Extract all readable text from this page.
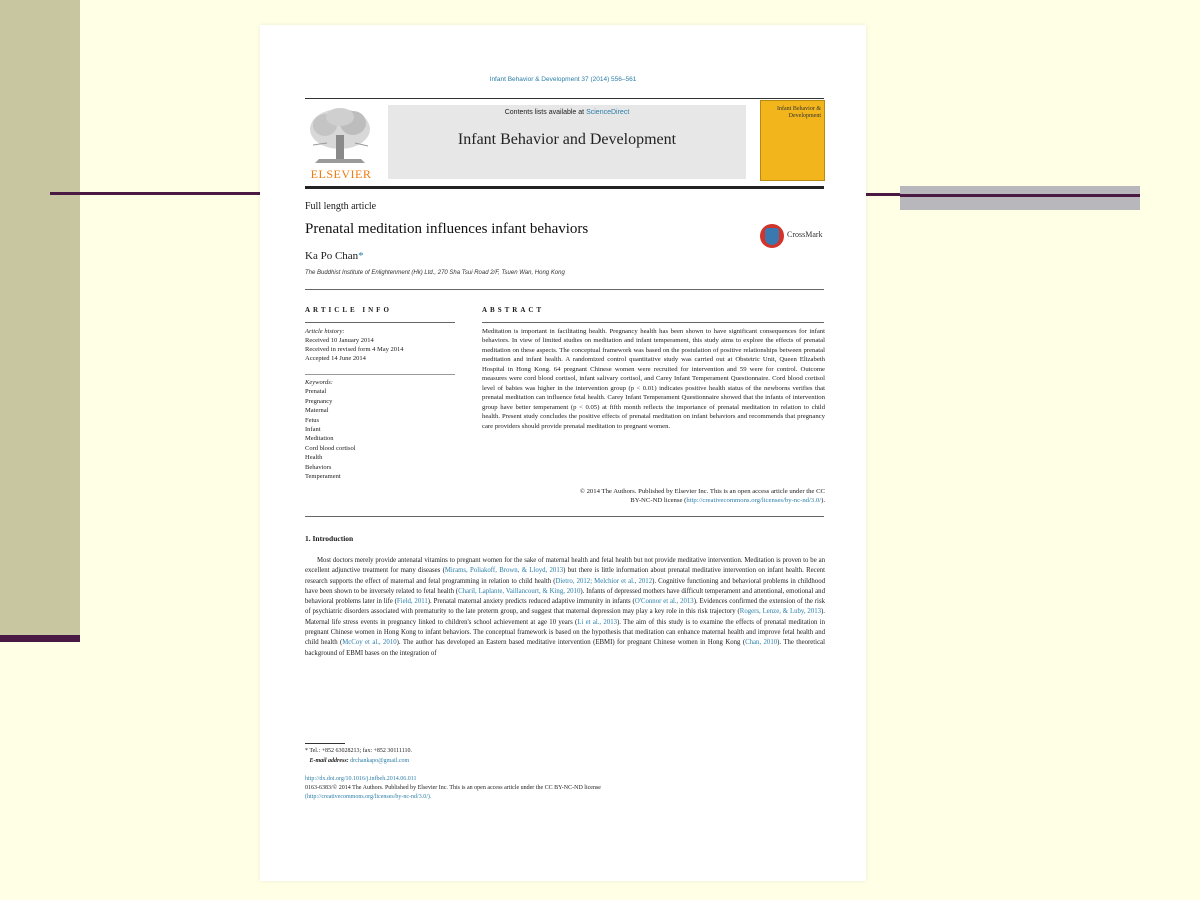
Infant Behavior & Development 37 (2014) 556–561
ELSEVIER
Contents lists available at ScienceDirect
Infant Behavior and Development
Infant Behavior & Development
Full length article
Prenatal meditation influences infant behaviors	CrossMark
Ka Po Chan*
The Buddhist Institute of Enlightenment (Hk) Ltd., 270 Sha Tsui Road 2/F, Tsuen Wan, Hong Kong
ARTICLE INFO	ABSTRACT
Article history:
Received 10 January 2014
Received in revised form 4 May 2014
Accepted 14 June 2014
Keywords:
Prenatal
Pregnancy
Maternal
Fetus
Infant
Meditation
Cord blood cortisol
Health
Behaviors
Temperament
Meditation is important in facilitating health. Pregnancy health has been shown to have significant consequences for infant behaviors. In view of limited studies on meditation and infant temperament, this study aims to explore the effects of prenatal meditation on these aspects. The conceptual framework was based on the postulation of positive relationships between prenatal meditation and infant health. A randomized control quantitative study was carried out at Obstetric Unit, Queen Elizabeth Hospital in Hong Kong. 64 pregnant Chinese women were recruited for intervention and 59 were for control. Outcome measures were cord blood cortisol, infant salivary cortisol, and Carey Infant Temperament Questionnaire. Cord blood cortisol level of babies was higher in the intervention group (p < 0.01) indicates positive health status of the newborns verifies that prenatal meditation can influence fetal health. Carey Infant Temperament Questionnaire showed that the infants of intervention group have better temperament (p < 0.05) at fifth month reflects the importance of prenatal meditation in relation to child health. Present study concludes the positive effects of prenatal meditation on infant behaviors and recommends that pregnancy care providers should provide prenatal meditation to pregnant women.
© 2014 The Authors. Published by Elsevier Inc. This is an open access article under the CC
BY-NC-ND license (http://creativecommons.org/licenses/by-nc-nd/3.0/).
1. Introduction
Most doctors merely provide antenatal vitamins to pregnant women for the sake of maternal health and fetal health but not provide meditative intervention. Meditation is proven to be an excellent adjunctive treatment for many diseases (Mirams, Poliakoff, Brown, & Lloyd, 2013) but there is little information about prenatal meditative intervention on infant health. Recent research supports the effect of maternal and fetal programming in relation to child health (Dietro, 2012; Melchior et al., 2012). Cognitive functioning and behavioral problems in childhood have been shown to be inversely related to fetal health (Charil, Laplante, Vaillancourt, & King, 2010). Infants of depressed mothers have difficult temperament and attentional, emotional and behavioral problems later in life (Field, 2011). Prenatal maternal anxiety predicts reduced adaptive immunity in infants (O'Connor et al., 2013). Evidences confirmed the extension of the risk of psychiatric disorders associated with prematurity to the late preterm group, and suggest that maternal depression may play a key role in this risk trajectory (Rogers, Lenze, & Luby, 2013). Maternal life stress events in pregnancy linked to children's school achievement at age 10 years (Li et al., 2013). The aim of this study is to examine the effects of prenatal meditation in pregnant Chinese women in Hong Kong to infant behaviors. The conceptual framework is based on the hypothesis that meditation can enhance maternal health and improve fetal health and child health (McCoy et al., 2010). The author has developed an Eastern based meditative intervention (EBMI) for pregnant Chinese women in Hong Kong (Chan, 2010). The theoretical background of EBMI bases on the integration of
* Tel.: +852 63028213; fax: +852 30111110.
E-mail address: drchankapo@gmail.com
http://dx.doi.org/10.1016/j.infbeh.2014.06.011
0163-6383/© 2014 The Authors. Published by Elsevier Inc. This is an open access article under the CC BY-NC-ND license
(http://creativecommons.org/licenses/by-nc-nd/3.0/).
